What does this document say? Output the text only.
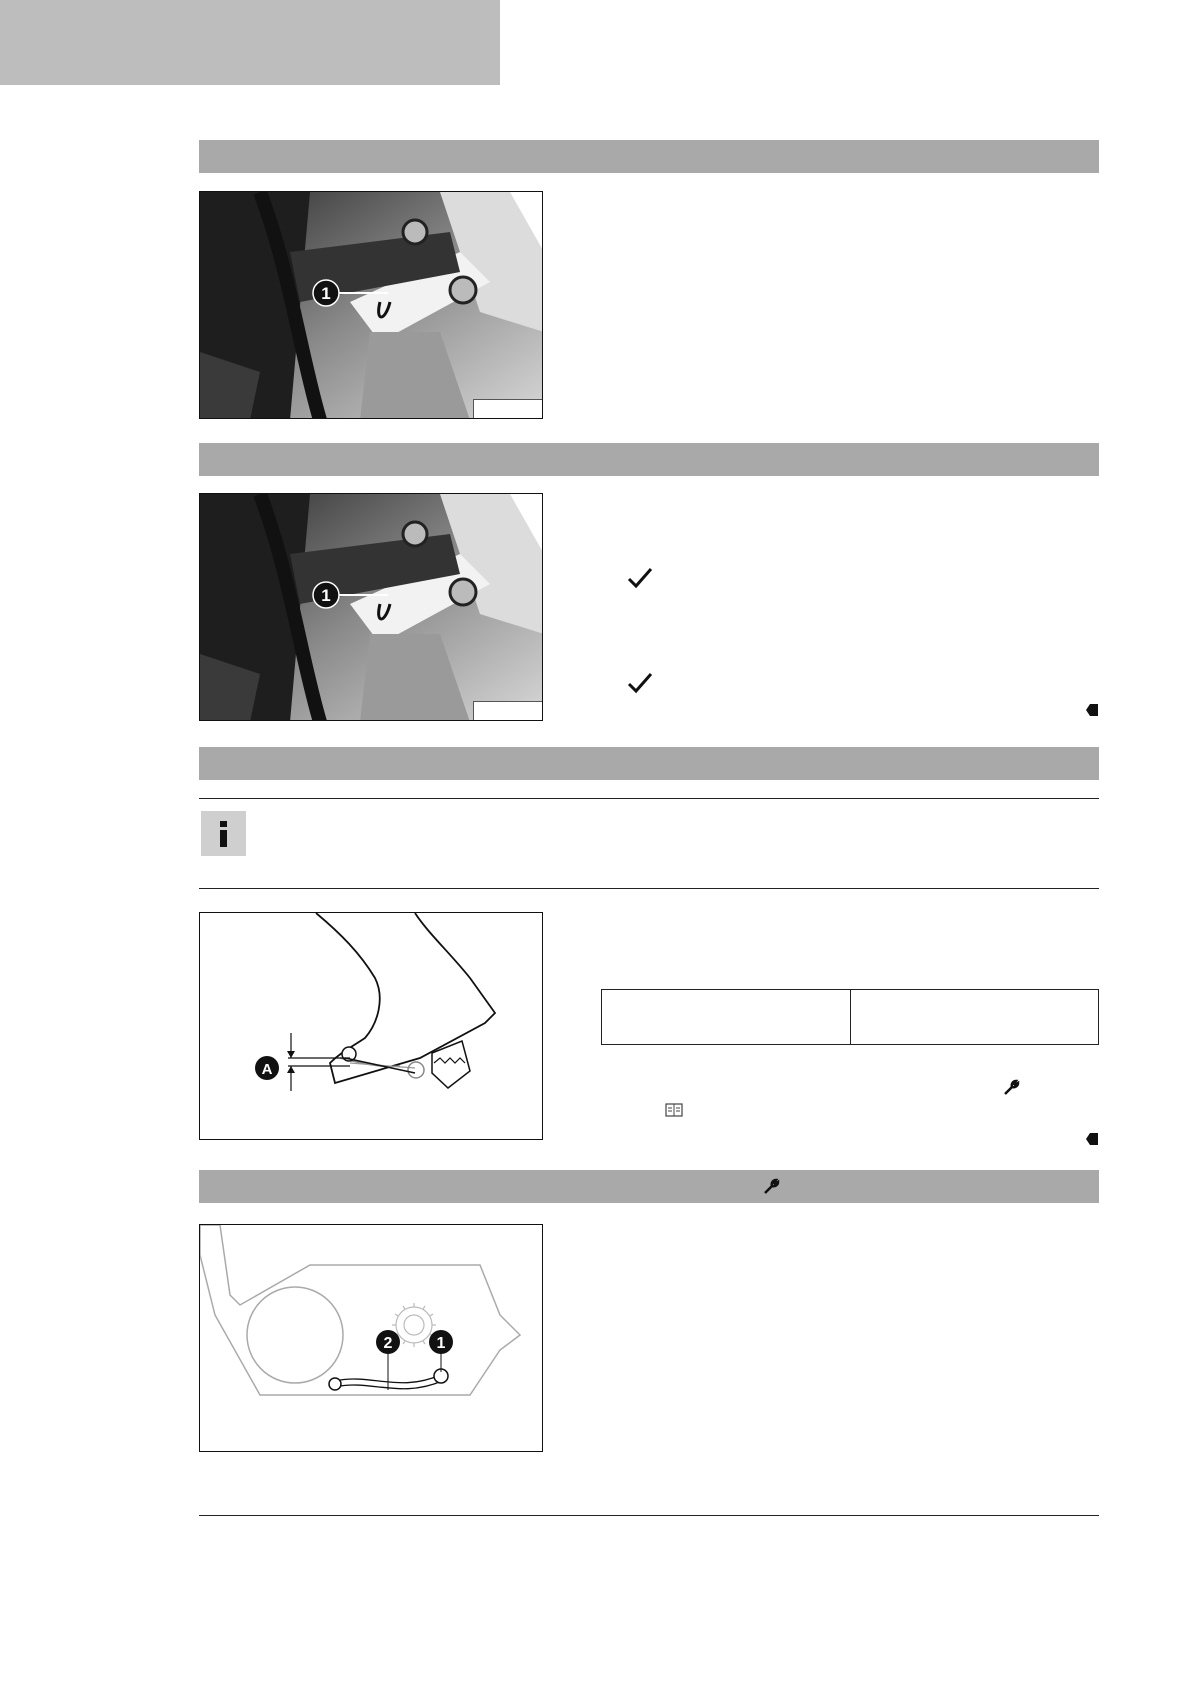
1
1
A

2	1
